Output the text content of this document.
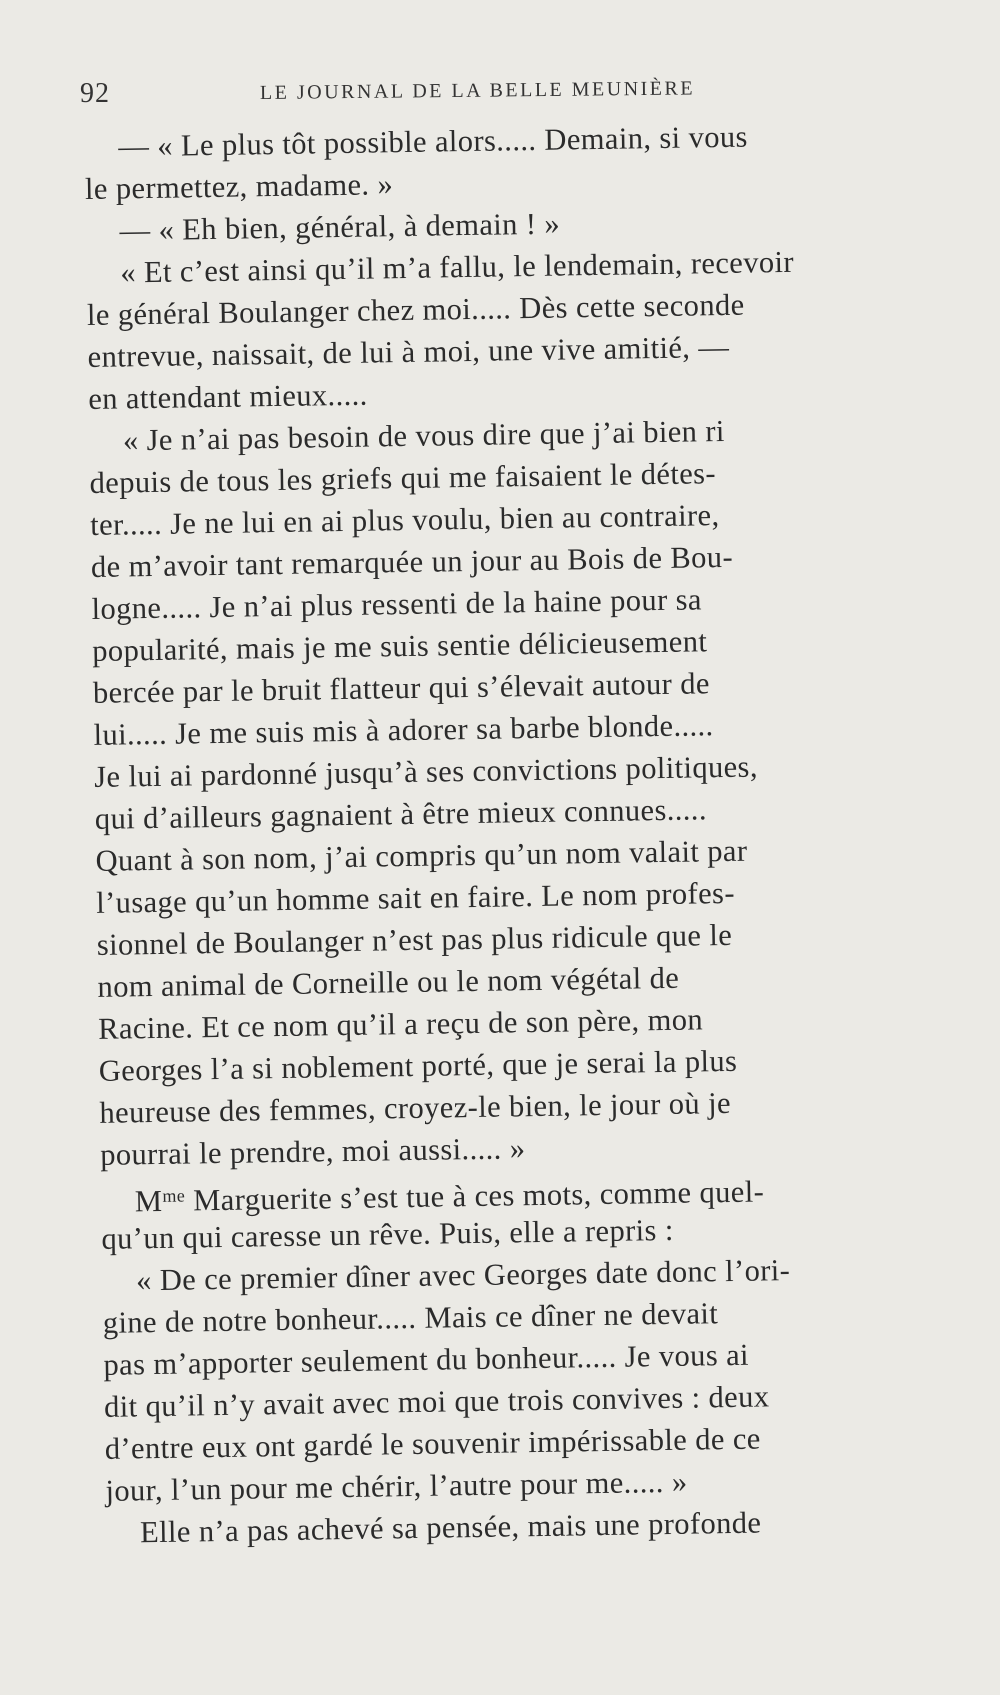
92	LE JOURNAL DE LA BELLE MEUNIÈRE
— « Le plus tôt possible alors..... Demain, si vous
le permettez, madame. »
— « Eh bien, général, à demain ! »
« Et c’est ainsi qu’il m’a fallu, le lendemain, recevoir
le général Boulanger chez moi..... Dès cette seconde
entrevue, naissait, de lui à moi, une vive amitié, —
en attendant mieux.....
« Je n’ai pas besoin de vous dire que j’ai bien ri
depuis de tous les griefs qui me faisaient le détes-
ter..... Je ne lui en ai plus voulu, bien au contraire,
de m’avoir tant remarquée un jour au Bois de Bou-
logne..... Je n’ai plus ressenti de la haine pour sa
popularité, mais je me suis sentie délicieusement
bercée par le bruit flatteur qui s’élevait autour de
lui..... Je me suis mis à adorer sa barbe blonde.....
Je lui ai pardonné jusqu’à ses convictions politiques,
qui d’ailleurs gagnaient à être mieux connues.....
Quant à son nom, j’ai compris qu’un nom valait par
l’usage qu’un homme sait en faire. Le nom profes-
sionnel de Boulanger n’est pas plus ridicule que le
nom animal de Corneille ou le nom végétal de
Racine. Et ce nom qu’il a reçu de son père, mon
Georges l’a si noblement porté, que je serai la plus
heureuse des femmes, croyez-le bien, le jour où je
pourrai le prendre, moi aussi..... »
$M^{me}$ Marguerite s’est tue à ces mots, comme quel-
qu’un qui caresse un rêve. Puis, elle a repris :
« De ce premier dîner avec Georges date donc l’ori-
gine de notre bonheur..... Mais ce dîner ne devait
pas m’apporter seulement du bonheur..... Je vous ai
dit qu’il n’y avait avec moi que trois convives : deux
d’entre eux ont gardé le souvenir impérissable de ce
jour, l’un pour me chérir, l’autre pour me..... »
Elle n’a pas achevé sa pensée, mais une profonde
